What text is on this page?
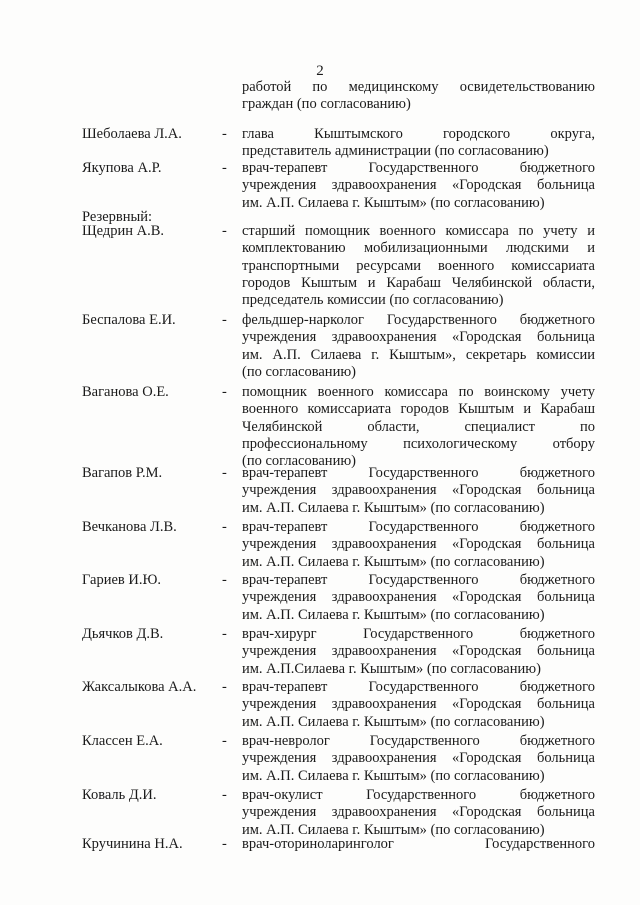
2
работой по медицинскому освидетельствованию
граждан (по согласованию)
Шеболаева Л.А.	- глава Кыштымского городского округа,
представитель администрации (по согласованию)
Якупова А.Р.	- врач-терапевт Государственного бюджетного
учреждения здравоохранения «Городская больница
им. А.П. Силаева г. Кыштым» (по согласованию)
Резервный:
Щедрин А.В.	- старший помощник военного комиссара по учету и
комплектованию мобилизационными людскими и
транспортными ресурсами военного комиссариата
городов Кыштым и Карабаш Челябинской области,
председатель комиссии (по согласованию)
Беспалова Е.И.	- фельдшер-нарколог Государственного бюджетного
учреждения здравоохранения «Городская больница
им. А.П. Силаева г. Кыштым», секретарь комиссии
(по согласованию)
Ваганова О.Е.	- помощник военного комиссара по воинскому учету
военного комиссариата городов Кыштым и Карабаш
Челябинской области, специалист по
профессиональному психологическому отбору
(по согласованию)
Вагапов Р.М.	- врач-терапевт Государственного бюджетного
учреждения здравоохранения «Городская больница
им. А.П. Силаева г. Кыштым» (по согласованию)
Вечканова Л.В.	- врач-терапевт Государственного бюджетного
учреждения здравоохранения «Городская больница
им. А.П. Силаева г. Кыштым» (по согласованию)
Гариев И.Ю.	- врач-терапевт Государственного бюджетного
учреждения здравоохранения «Городская больница
им. А.П. Силаева г. Кыштым» (по согласованию)
Дьячков Д.В.	- врач-хирург Государственного бюджетного
учреждения здравоохранения «Городская больница
им. А.П.Силаева г. Кыштым» (по согласованию)
Жаксалыкова А.А. - врач-терапевт Государственного бюджетного
учреждения здравоохранения «Городская больница
им. А.П. Силаева г. Кыштым» (по согласованию)
Классен Е.А.	- врач-невролог Государственного бюджетного
учреждения здравоохранения «Городская больница
им. А.П. Силаева г. Кыштым» (по согласованию)
Коваль Д.И.	- врач-окулист Государственного бюджетного
учреждения здравоохранения «Городская больница
им. А.П. Силаева г. Кыштым» (по согласованию)
Кручинина Н.А.	- врач-оториноларинголог Государственного
